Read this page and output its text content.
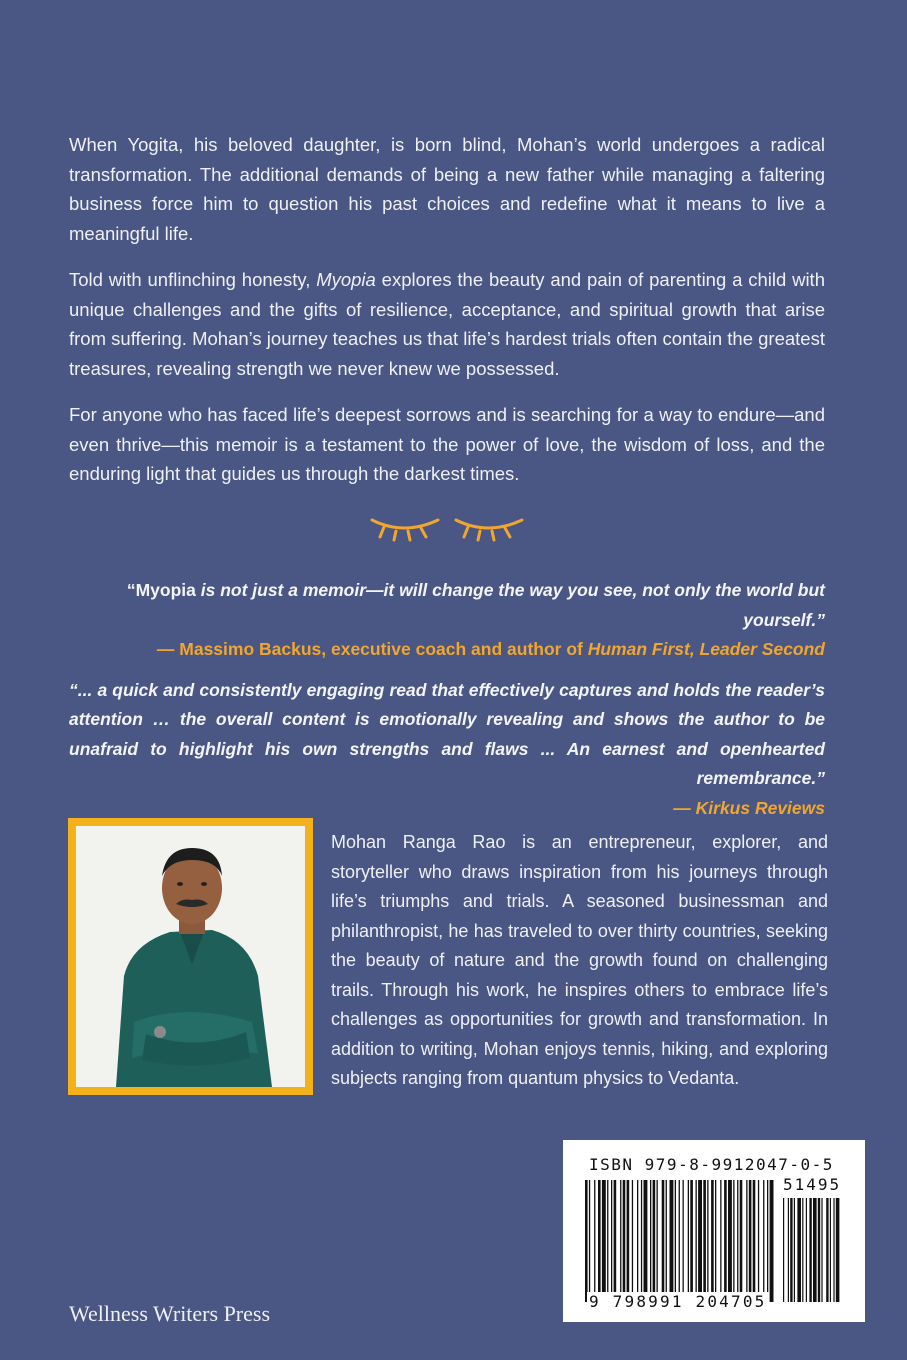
When Yogita, his beloved daughter, is born blind, Mohan’s world undergoes a radical transformation. The additional demands of being a new father while managing a faltering business force him to question his past choices and redefine what it means to live a meaningful life.

Told with unflinching honesty, Myopia explores the beauty and pain of parenting a child with unique challenges and the gifts of resilience, acceptance, and spiritual growth that arise from suffering. Mohan’s journey teaches us that life’s hardest trials often contain the greatest treasures, revealing strength we never knew we possessed.

For anyone who has faced life’s deepest sorrows and is searching for a way to endure—and even thrive—this memoir is a testament to the power of love, the wisdom of loss, and the enduring light that guides us through the darkest times.

“Myopia is not just a memoir—it will change the way you see, not only the world but yourself.”
— Massimo Backus, executive coach and author of Human First, Leader Second
“... a quick and consistently engaging read that effectively captures and holds the reader’s attention … the overall content is emotionally revealing and shows the author to be unafraid to highlight his own strengths and flaws ... An earnest and openhearted remembrance.”
— Kirkus Reviews
Mohan Ranga Rao is an entrepreneur, explorer, and storyteller who draws inspiration from his journeys through life’s triumphs and trials. A seasoned businessman and philanthropist, he has traveled to over thirty countries, seeking the beauty of nature and the growth found on challenging trails. Through his work, he inspires others to embrace life’s challenges as opportunities for growth and transformation. In addition to writing, Mohan enjoys tennis, hiking, and exploring subjects ranging from quantum physics to Vedanta.
ISBN 979-8-9912047-0-5
51495
9 798991 204705
Wellness Writers Press
